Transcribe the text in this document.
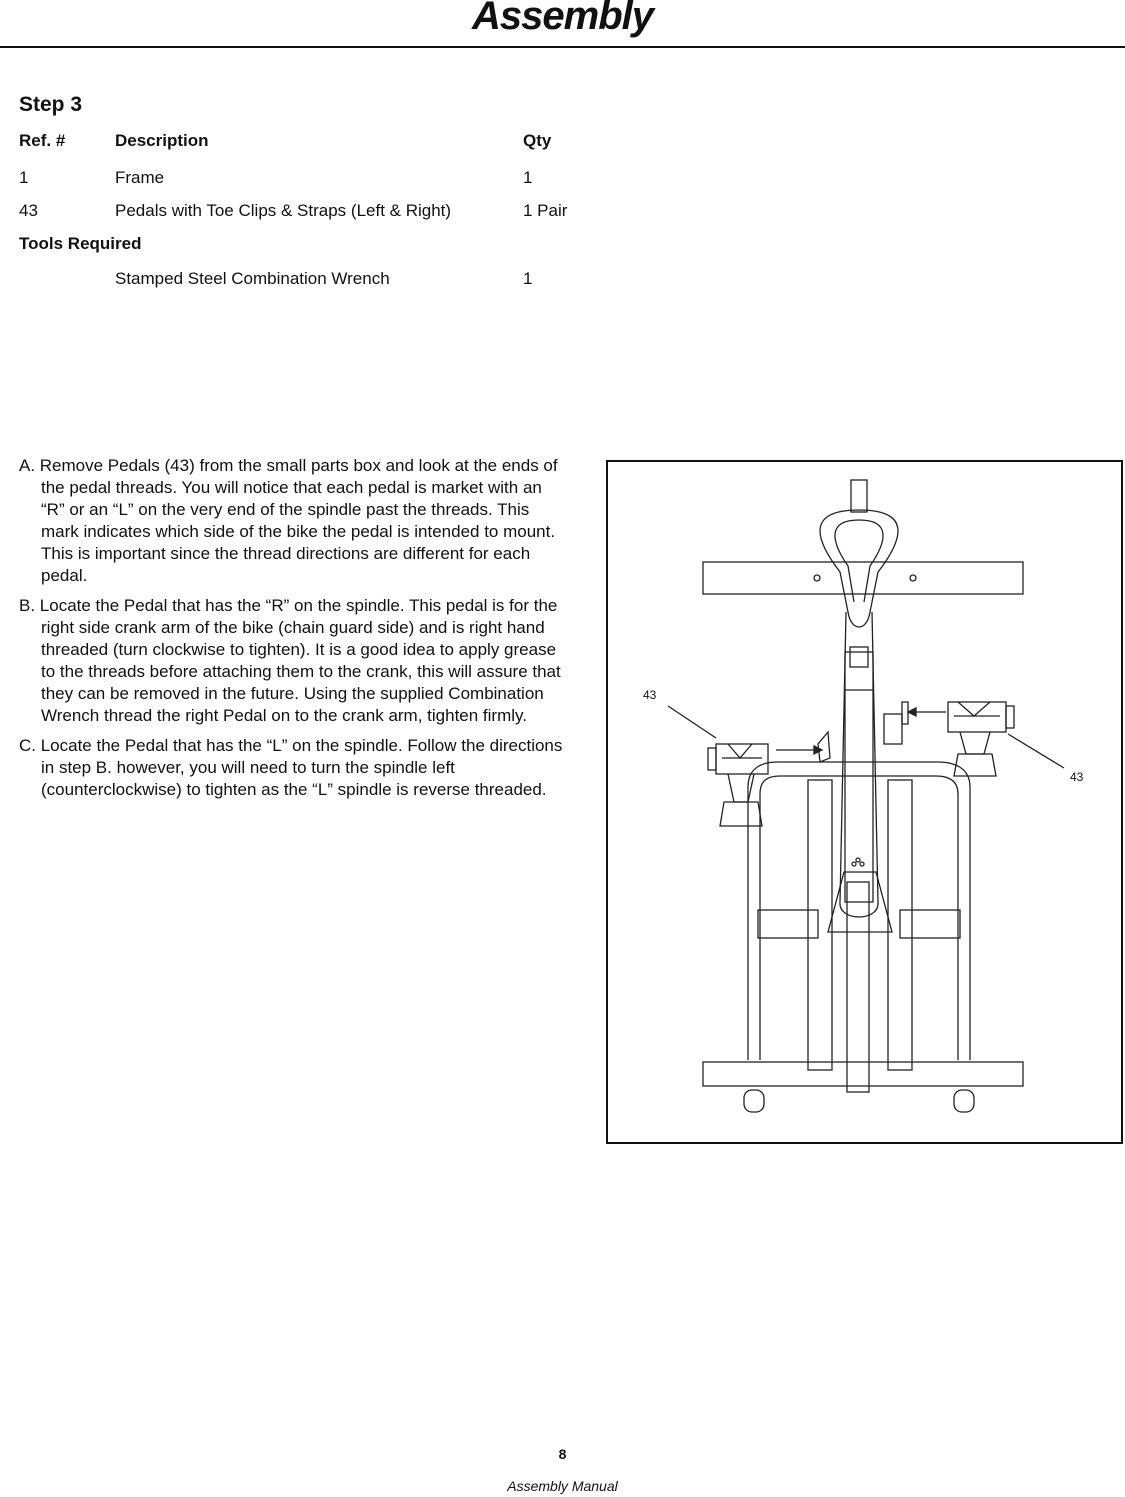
Assembly
Step 3
Ref. #	Description	Qty
1	Frame	1
43	Pedals with Toe Clips & Straps (Left & Right)	1 Pair
Tools Required
Stamped Steel Combination Wrench	1

A. Remove Pedals (43) from the small parts box and look at the ends of the pedal threads. You will notice that each pedal is market with an “R” or an “L” on the very end of the spindle past the threads. This mark indicates which side of the bike the pedal is intended to mount. This is important since the thread directions are different for each pedal.

B. Locate the Pedal that has the “R” on the spindle. This pedal is for the right side crank arm of the bike (chain guard side) and is right hand threaded (turn clockwise to tighten). It is a good idea to apply grease to the threads before attaching them to the crank, this will assure that they can be removed in the future. Using the supplied Combination Wrench thread the right Pedal on to the crank arm, tighten firmly.

C. Locate the Pedal that has the “L” on the spindle. Follow the directions in step B. however, you will need to turn the spindle left (counterclockwise) to tighten as the “L” spindle is reverse threaded.

43
43
8
Assembly Manual
